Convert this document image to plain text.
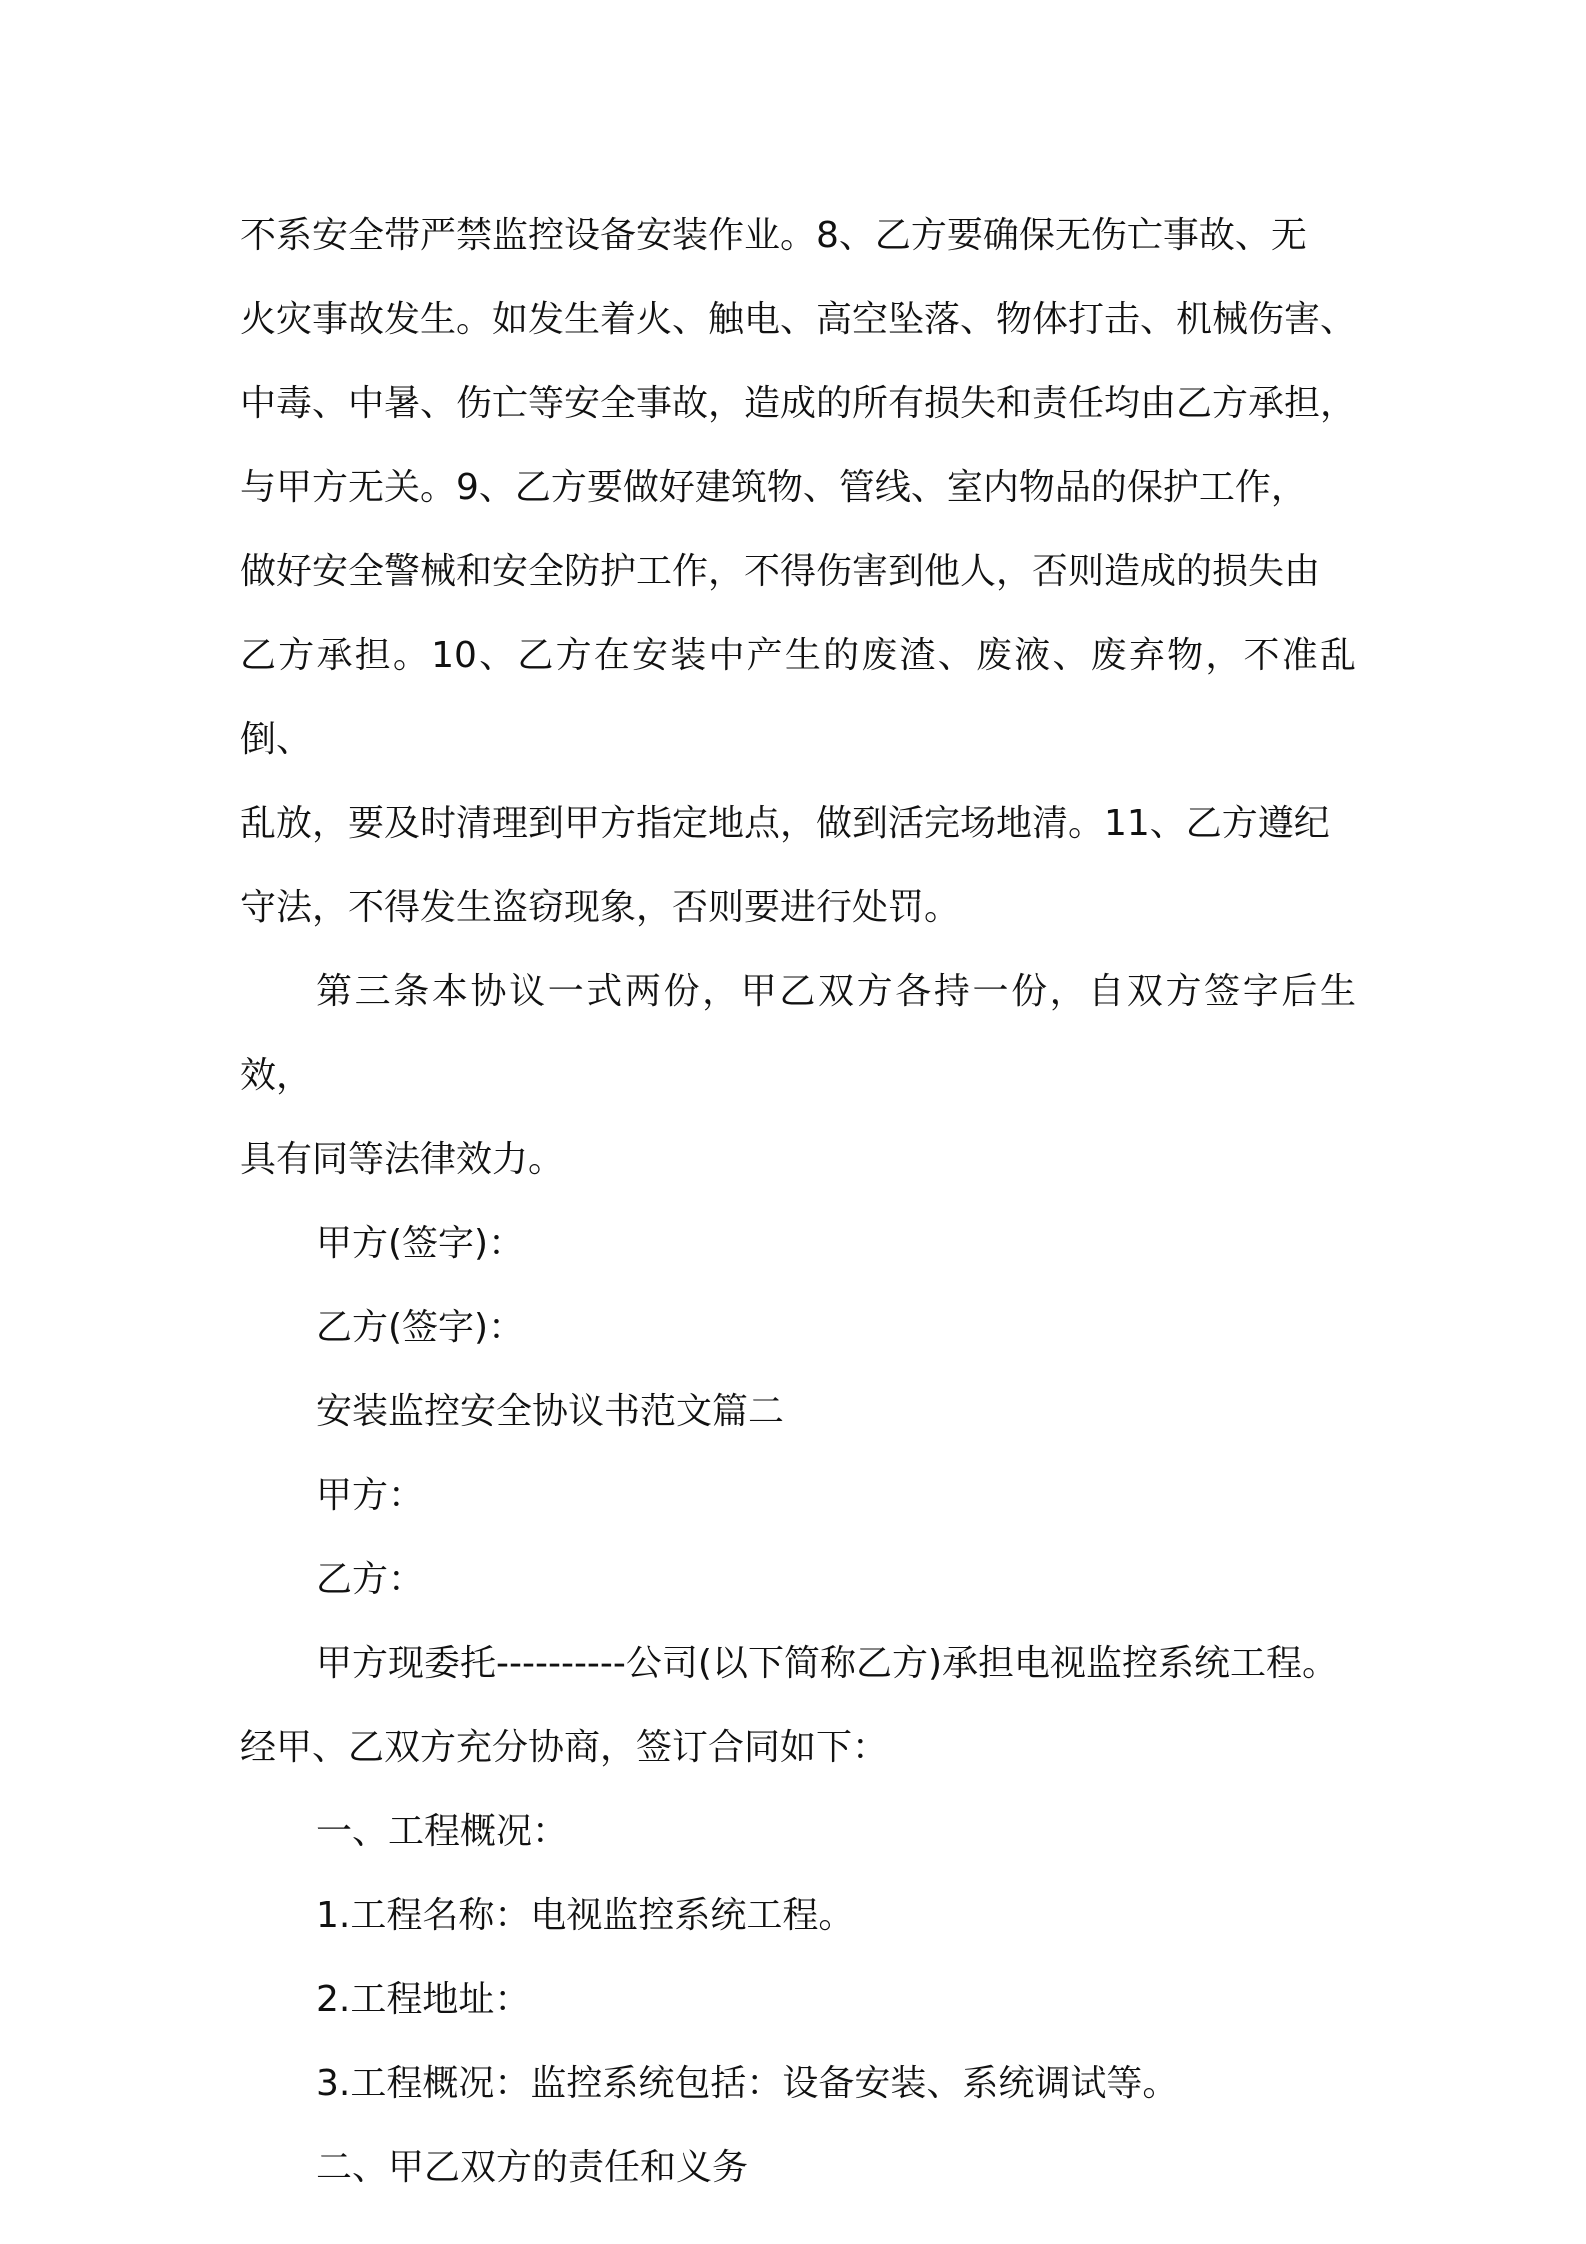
不系安全带严禁监控设备安装作业。8、乙方要确保无伤亡事故、无
火灾事故发生。如发生着火、触电、高空坠落、物体打击、机械伤害、
中毒、中暑、伤亡等安全事故，造成的所有损失和责任均由乙方承担，
与甲方无关。9、乙方要做好建筑物、管线、室内物品的保护工作，
做好安全警械和安全防护工作，不得伤害到他人，否则造成的损失由
乙方承担。10、乙方在安装中产生的废渣、废液、废弃物，不准乱倒、
乱放，要及时清理到甲方指定地点，做到活完场地清。11、乙方遵纪
守法，不得发生盗窃现象，否则要进行处罚。

第三条本协议一式两份，甲乙双方各持一份，自双方签字后生效，
具有同等法律效力。

甲方(签字)：

乙方(签字)：

安装监控安全协议书范文篇二

甲方：

乙方：

甲方现委托----------公司(以下简称乙方)承担电视监控系统工程。
经甲、乙双方充分协商，签订合同如下：

一、工程概况：

1.工程名称：电视监控系统工程。

2.工程地址：

3.工程概况：监控系统包括：设备安装、系统调试等。

二、甲乙双方的责任和义务
